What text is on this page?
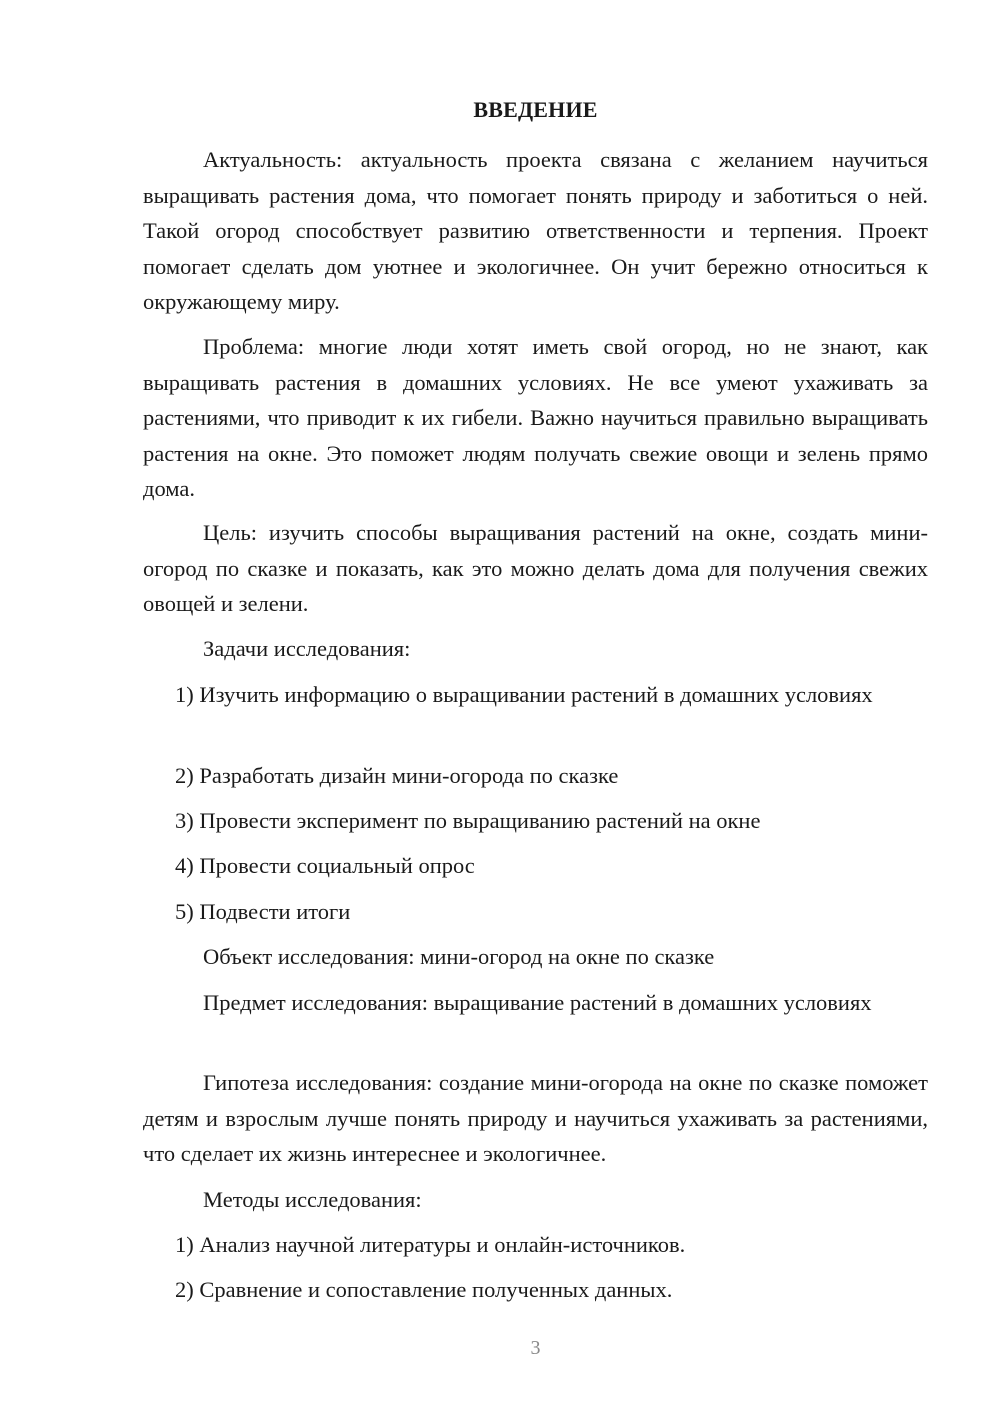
ВВЕДЕНИЕ

Актуальность: актуальность проекта связана с желанием научиться выращивать растения дома, что помогает понять природу и заботиться о ней. Такой огород способствует развитию ответственности и терпения. Проект помогает сделать дом уютнее и экологичнее. Он учит бережно относиться к окружающему миру.

Проблема: многие люди хотят иметь свой огород, но не знают, как выращивать растения в домашних условиях. Не все умеют ухаживать за растениями, что приводит к их гибели. Важно научиться правильно выращивать растения на окне. Это поможет людям получать свежие овощи и зелень прямо дома.

Цель: изучить способы выращивания растений на окне, создать мини-огород по сказке и показать, как это можно делать дома для получения свежих овощей и зелени.

Задачи исследования:

1) Изучить информацию о выращивании растений в домашних условиях

2) Разработать дизайн мини-огорода по сказке

3) Провести эксперимент по выращиванию растений на окне

4) Провести социальный опрос

5) Подвести итоги

Объект исследования: мини-огород на окне по сказке

Предмет исследования: выращивание растений в домашних условиях

Гипотеза исследования: создание мини-огорода на окне по сказке поможет детям и взрослым лучше понять природу и научиться ухаживать за растениями, что сделает их жизнь интереснее и экологичнее.

Методы исследования:

1) Анализ научной литературы и онлайн-источников.

2) Сравнение и сопоставление полученных данных.

3
